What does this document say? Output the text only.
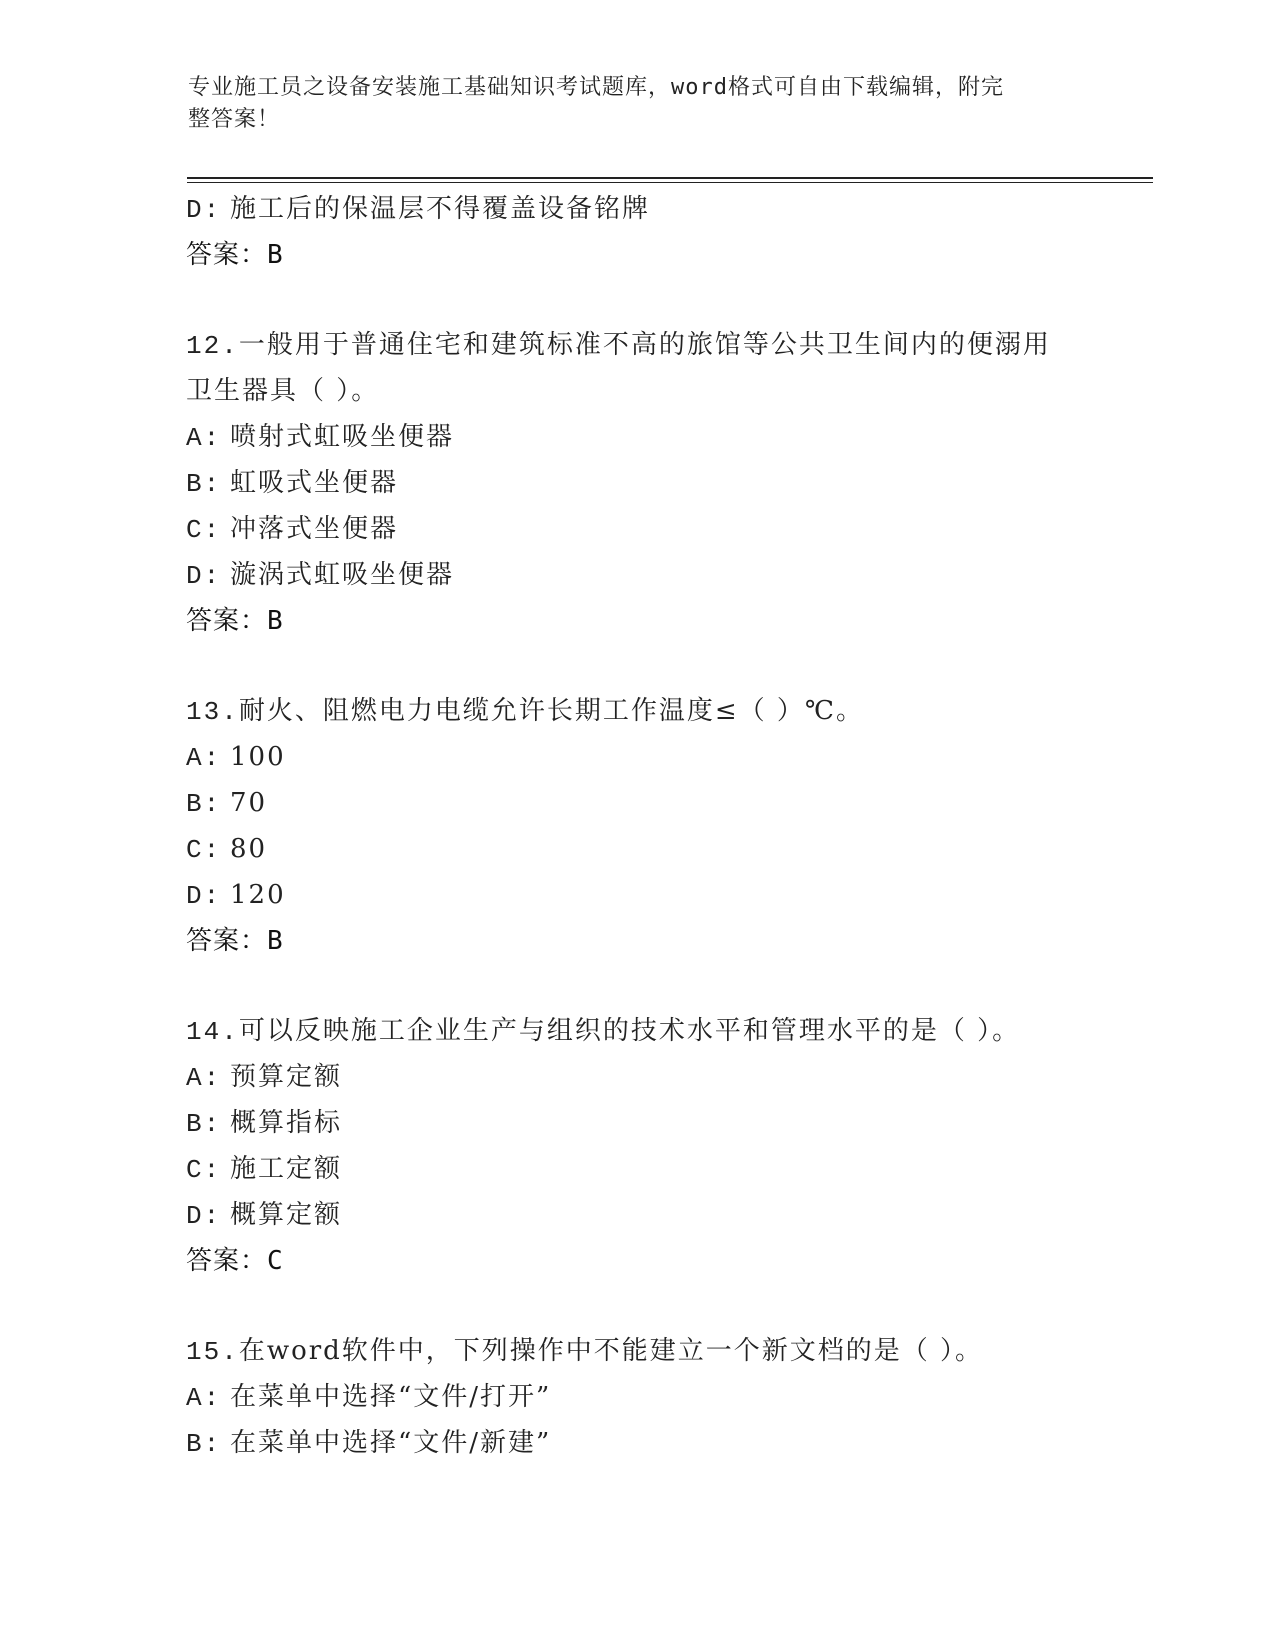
专业施工员之设备安装施工基础知识考试题库，word格式可自由下载编辑，附完
整答案！
D: 施工后的保温层不得覆盖设备铭牌
答案：B
12.一般用于普通住宅和建筑标准不高的旅馆等公共卫生间内的便溺用
卫生器具（ ）。
A: 喷射式虹吸坐便器
B: 虹吸式坐便器
C: 冲落式坐便器
D: 漩涡式虹吸坐便器
答案：B
13.耐火、阻燃电力电缆允许长期工作温度≤（ ）℃。
A: 100
B: 70
C: 80
D: 120
答案：B
14.可以反映施工企业生产与组织的技术水平和管理水平的是（ ）。
A: 预算定额
B: 概算指标
C: 施工定额
D: 概算定额
答案：C
15.在word软件中，下列操作中不能建立一个新文档的是（ ）。
A: 在菜单中选择“文件/打开”
B: 在菜单中选择“文件/新建”
